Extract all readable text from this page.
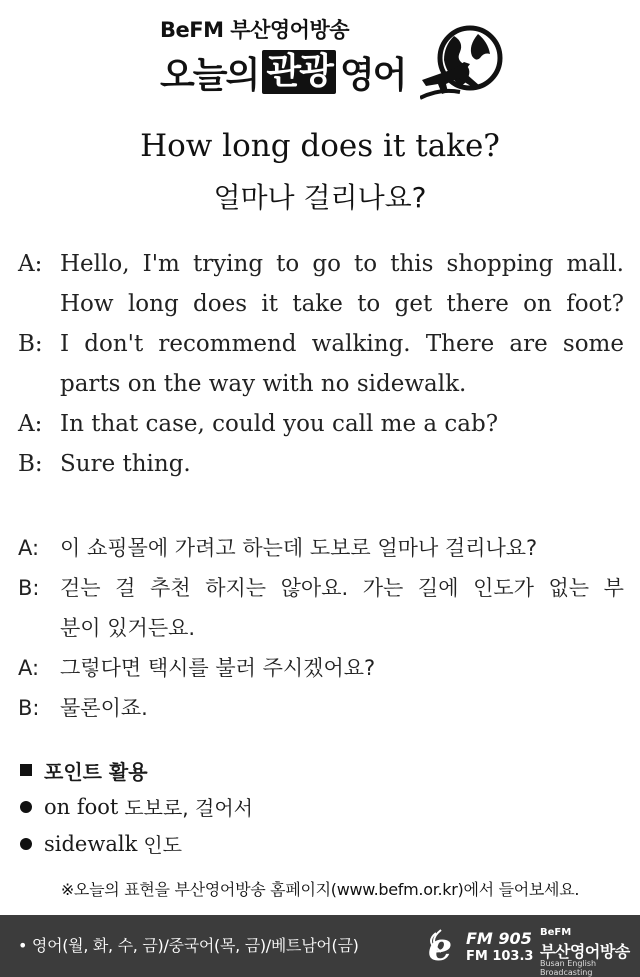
BeFM 부산영어방송
오늘의 관광 영어
How long does it take?
얼마나 걸리나요?
A: Hello, I'm trying to go to this shopping mall.
How long does it take to get there on foot?
B: I don't recommend walking. There are some
parts on the way with no sidewalk.
A: In that case, could you call me a cab?
B: Sure thing.
A: 이 쇼핑몰에 가려고 하는데 도보로 얼마나 걸리나요?
B: 걷는 걸 추천 하지는 않아요. 가는 길에 인도가 없는 부
분이 있거든요.
A: 그렇다면 택시를 불러 주시겠어요?
B: 물론이죠.
포인트 활용
on foot 도보로, 걸어서
sidewalk 인도
※오늘의 표현을 부산영어방송 홈페이지(www.befm.or.kr)에서 들어보세요.
• 영어(월, 화, 수, 금)/중국어(목, 금)/베트남어(금) e FM 905
FM 103.3
BeFM
부산영어방송
Busan English Broadcasting
